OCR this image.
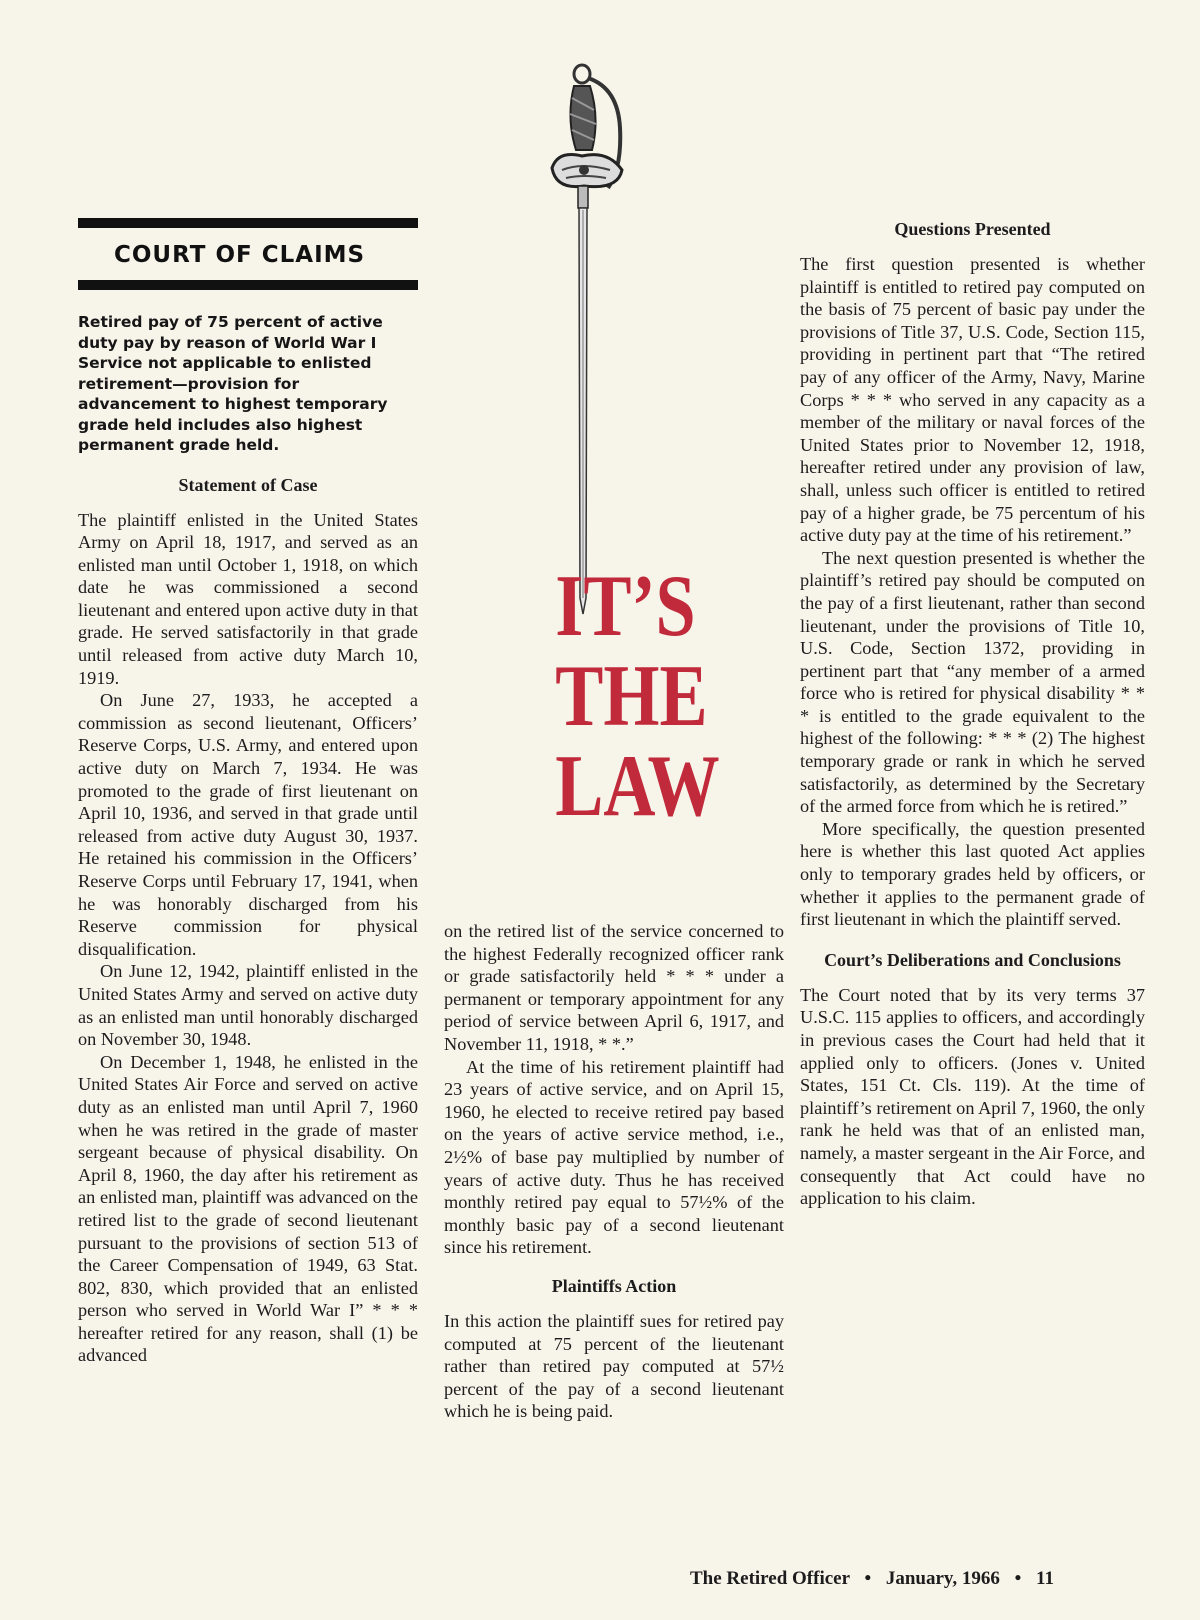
IT’S
THE
LAW
COURT OF CLAIMS
Retired pay of 75 percent of active duty pay by reason of World War I Service not applicable to enlisted retirement—provision for advancement to highest temporary grade held includes also highest permanent grade held.
Statement of Case

The plaintiff enlisted in the United States Army on April 18, 1917, and served as an enlisted man until October 1, 1918, on which date he was commissioned a second lieutenant and entered upon active duty in that grade. He served satisfactorily in that grade until released from active duty March 10, 1919.

On June 27, 1933, he accepted a commission as second lieutenant, Officers’ Reserve Corps, U.S. Army, and entered upon active duty on March 7, 1934. He was promoted to the grade of first lieutenant on April 10, 1936, and served in that grade until released from active duty August 30, 1937. He retained his commission in the Officers’ Reserve Corps until February 17, 1941, when he was honorably discharged from his Reserve commission for physical disqualification.

On June 12, 1942, plaintiff enlisted in the United States Army and served on active duty as an enlisted man until honorably discharged on November 30, 1948.

On December 1, 1948, he enlisted in the United States Air Force and served on active duty as an enlisted man until April 7, 1960 when he was retired in the grade of master sergeant because of physical disability. On April 8, 1960, the day after his retirement as an enlisted man, plaintiff was advanced on the retired list to the grade of second lieutenant pursuant to the provisions of section 513 of the Career Compensation of 1949, 63 Stat. 802, 830, which provided that an enlisted person who served in World War I” * * * hereafter retired for any reason, shall (1) be advanced

on the retired list of the service concerned to the highest Federally recognized officer rank or grade satisfactorily held * * * under a permanent or temporary appointment for any period of service between April 6, 1917, and November 11, 1918, * *.”

At the time of his retirement plaintiff had 23 years of active service, and on April 15, 1960, he elected to receive retired pay based on the years of active service method, i.e., 2½% of base pay multiplied by number of years of active duty. Thus he has received monthly retired pay equal to 57½% of the monthly basic pay of a second lieutenant since his retirement.

Plaintiffs Action

In this action the plaintiff sues for retired pay computed at 75 percent of the lieutenant rather than retired pay computed at 57½ percent of the pay of a second lieutenant which he is being paid.

Questions Presented

The first question presented is whether plaintiff is entitled to retired pay computed on the basis of 75 percent of basic pay under the provisions of Title 37, U.S. Code, Section 115, providing in pertinent part that “The retired pay of any officer of the Army, Navy, Marine Corps * * * who served in any capacity as a member of the military or naval forces of the United States prior to November 12, 1918, hereafter retired under any provision of law, shall, unless such officer is entitled to retired pay of a higher grade, be 75 percentum of his active duty pay at the time of his retirement.”

The next question presented is whether the plaintiff’s retired pay should be computed on the pay of a first lieutenant, rather than second lieutenant, under the provisions of Title 10, U.S. Code, Section 1372, providing in pertinent part that “any member of a armed force who is retired for physical disability * * * is entitled to the grade equivalent to the highest of the following: * * * (2) The highest temporary grade or rank in which he served satisfactorily, as determined by the Secretary of the armed force from which he is retired.”

More specifically, the question presented here is whether this last quoted Act applies only to temporary grades held by officers, or whether it applies to the permanent grade of first lieutenant in which the plaintiff served.

Court’s Deliberations and Conclusions

The Court noted that by its very terms 37 U.S.C. 115 applies to officers, and accordingly in previous cases the Court had held that it applied only to officers. (Jones v. United States, 151 Ct. Cls. 119). At the time of plaintiff’s retirement on April 7, 1960, the only rank he held was that of an enlisted man, namely, a master sergeant in the Air Force, and consequently that Act could have no application to his claim.

The Retired Officer • January, 1966 • 11
